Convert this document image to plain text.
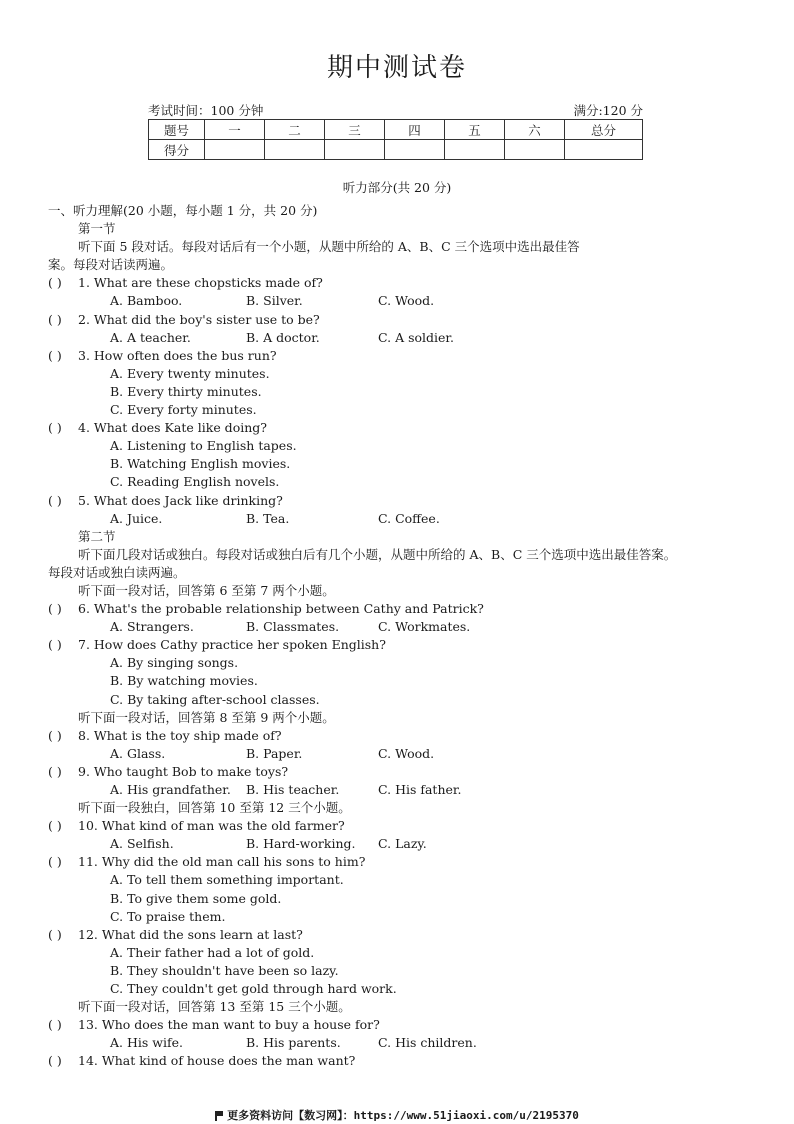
期中测试卷
考试时间：100 分钟	满分:120 分
题号	一	二	三	四	五	六	总分
得分							
听力部分(共 20 分)
一、听力理解(20 小题，每小题 1 分，共 20 分)
第一节
听下面 5 段对话。每段对话后有一个小题，从题中所给的 A、B、C 三个选项中选出最佳答
案。每段对话读两遍。
( ) 1. What are these chopsticks made of?
A. Bamboo.	B. Silver.	C. Wood.
( ) 2. What did the boy's sister use to be?
A. A teacher.	B. A doctor.	C. A soldier.
( ) 3. How often does the bus run?
A. Every twenty minutes.
B. Every thirty minutes.
C. Every forty minutes.
( ) 4. What does Kate like doing?
A. Listening to English tapes.
B. Watching English movies.
C. Reading English novels.
( ) 5. What does Jack like drinking?
A. Juice.	B. Tea.	C. Coffee.
第二节
听下面几段对话或独白。每段对话或独白后有几个小题，从题中所给的 A、B、C 三个选项中选出最佳答案。
每段对话或独白读两遍。
听下面一段对话，回答第 6 至第 7 两个小题。
( ) 6. What's the probable relationship between Cathy and Patrick?
A. Strangers.	B. Classmates.	C. Workmates.
( ) 7. How does Cathy practice her spoken English?
A. By singing songs.
B. By watching movies.
C. By taking after-school classes.
听下面一段对话，回答第 8 至第 9 两个小题。
( ) 8. What is the toy ship made of?
A. Glass.	B. Paper.	C. Wood.
( ) 9. Who taught Bob to make toys?
A. His grandfather. B. His teacher.	C. His father.
听下面一段独白，回答第 10 至第 12 三个小题。
( ) 10. What kind of man was the old farmer?
A. Selfish.	B. Hard-working. C. Lazy.
( ) 11. Why did the old man call his sons to him?
A. To tell them something important.
B. To give them some gold.
C. To praise them.
( ) 12. What did the sons learn at last?
A. Their father had a lot of gold.
B. They shouldn't have been so lazy.
C. They couldn't get gold through hard work.
听下面一段对话，回答第 13 至第 15 三个小题。
( ) 13. Who does the man want to buy a house for?
A. His wife.	B. His parents.	C. His children.
( ) 14. What kind of house does the man want?
更多资料访问【数习网】：https://www.51jiaoxi.com/u/2195370
